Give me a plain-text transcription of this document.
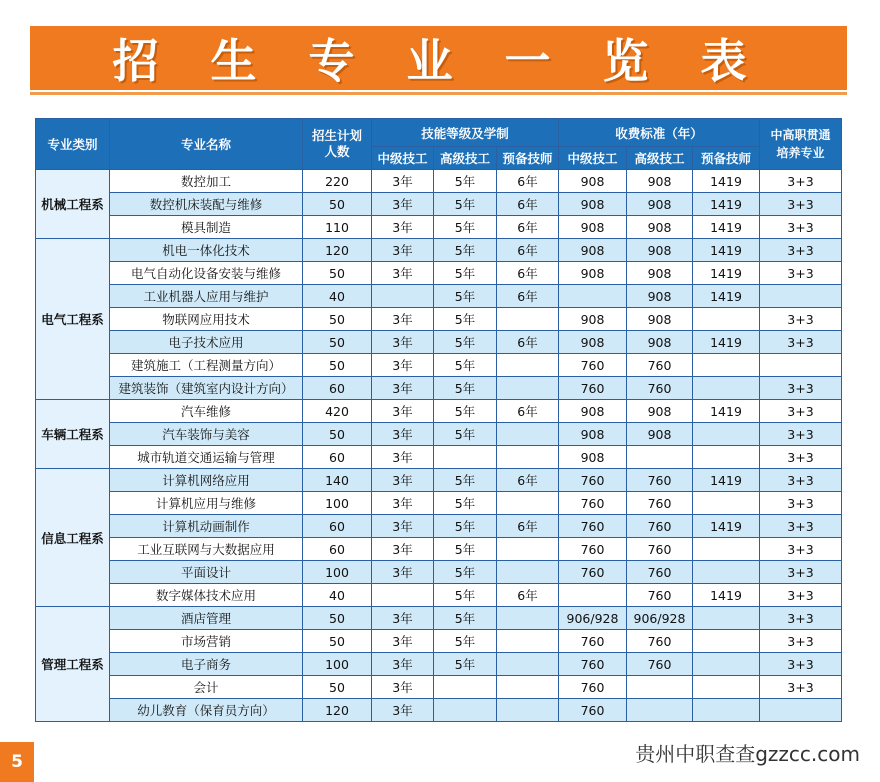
招 生 专 业 一 览 表
专业类别	专业名称	招生计划人数	技能等级及学制			收费标准（年）			中高职贯通培养专业
			中级技工	高级技工	预备技师	中级技工	高级技工	预备技师	
机械工程系	数控加工	220	3年	5年	6年	908	908	1419	3+3
	数控机床装配与维修	50	3年	5年	6年	908	908	1419	3+3
	模具制造	110	3年	5年	6年	908	908	1419	3+3
电气工程系	机电一体化技术	120	3年	5年	6年	908	908	1419	3+3
	电气自动化设备安装与维修	50	3年	5年	6年	908	908	1419	3+3
	工业机器人应用与维护	40		5年	6年		908	1419	
	物联网应用技术	50	3年	5年		908	908		3+3
	电子技术应用	50	3年	5年	6年	908	908	1419	3+3
	建筑施工（工程测量方向）	50	3年	5年		760	760		
	建筑装饰（建筑室内设计方向）	60	3年	5年		760	760		3+3
车辆工程系	汽车维修	420	3年	5年	6年	908	908	1419	3+3
	汽车装饰与美容	50	3年	5年		908	908		3+3
	城市轨道交通运输与管理	60	3年			908			3+3
信息工程系	计算机网络应用	140	3年	5年	6年	760	760	1419	3+3
	计算机应用与维修	100	3年	5年		760	760		3+3
	计算机动画制作	60	3年	5年	6年	760	760	1419	3+3
	工业互联网与大数据应用	60	3年	5年		760	760		3+3
	平面设计	100	3年	5年		760	760		3+3
	数字媒体技术应用	40		5年	6年		760	1419	3+3
管理工程系	酒店管理	50	3年	5年		906/928	906/928		3+3
	市场营销	50	3年	5年		760	760		3+3
	电子商务	100	3年	5年		760	760		3+3
	会计	50	3年			760			3+3
	幼儿教育（保育员方向）	120	3年			760			
5	贵州中职查查gzzcc.com
